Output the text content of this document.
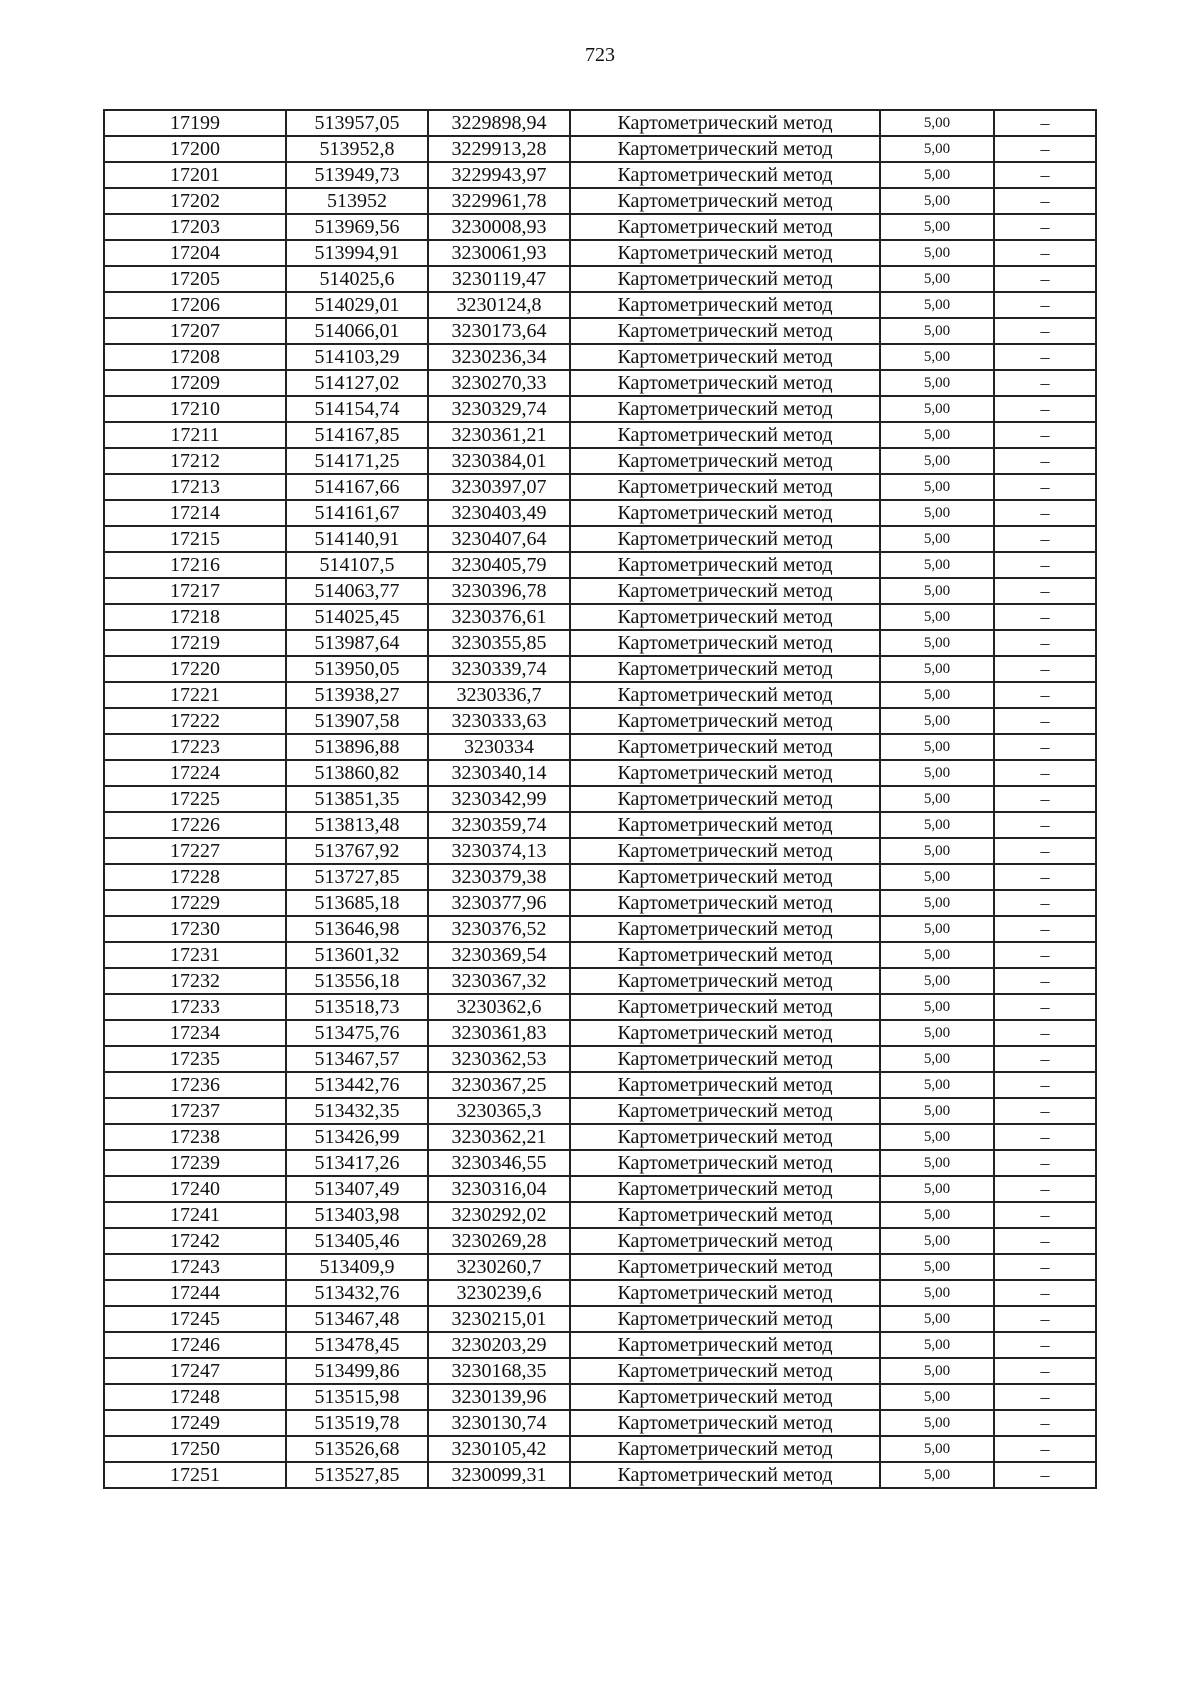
723
17199	513957,05	3229898,94	Картометрический метод	5,00	–
17200	513952,8	3229913,28	Картометрический метод	5,00	–
17201	513949,73	3229943,97	Картометрический метод	5,00	–
17202	513952	3229961,78	Картометрический метод	5,00	–
17203	513969,56	3230008,93	Картометрический метод	5,00	–
17204	513994,91	3230061,93	Картометрический метод	5,00	–
17205	514025,6	3230119,47	Картометрический метод	5,00	–
17206	514029,01	3230124,8	Картометрический метод	5,00	–
17207	514066,01	3230173,64	Картометрический метод	5,00	–
17208	514103,29	3230236,34	Картометрический метод	5,00	–
17209	514127,02	3230270,33	Картометрический метод	5,00	–
17210	514154,74	3230329,74	Картометрический метод	5,00	–
17211	514167,85	3230361,21	Картометрический метод	5,00	–
17212	514171,25	3230384,01	Картометрический метод	5,00	–
17213	514167,66	3230397,07	Картометрический метод	5,00	–
17214	514161,67	3230403,49	Картометрический метод	5,00	–
17215	514140,91	3230407,64	Картометрический метод	5,00	–
17216	514107,5	3230405,79	Картометрический метод	5,00	–
17217	514063,77	3230396,78	Картометрический метод	5,00	–
17218	514025,45	3230376,61	Картометрический метод	5,00	–
17219	513987,64	3230355,85	Картометрический метод	5,00	–
17220	513950,05	3230339,74	Картометрический метод	5,00	–
17221	513938,27	3230336,7	Картометрический метод	5,00	–
17222	513907,58	3230333,63	Картометрический метод	5,00	–
17223	513896,88	3230334	Картометрический метод	5,00	–
17224	513860,82	3230340,14	Картометрический метод	5,00	–
17225	513851,35	3230342,99	Картометрический метод	5,00	–
17226	513813,48	3230359,74	Картометрический метод	5,00	–
17227	513767,92	3230374,13	Картометрический метод	5,00	–
17228	513727,85	3230379,38	Картометрический метод	5,00	–
17229	513685,18	3230377,96	Картометрический метод	5,00	–
17230	513646,98	3230376,52	Картометрический метод	5,00	–
17231	513601,32	3230369,54	Картометрический метод	5,00	–
17232	513556,18	3230367,32	Картометрический метод	5,00	–
17233	513518,73	3230362,6	Картометрический метод	5,00	–
17234	513475,76	3230361,83	Картометрический метод	5,00	–
17235	513467,57	3230362,53	Картометрический метод	5,00	–
17236	513442,76	3230367,25	Картометрический метод	5,00	–
17237	513432,35	3230365,3	Картометрический метод	5,00	–
17238	513426,99	3230362,21	Картометрический метод	5,00	–
17239	513417,26	3230346,55	Картометрический метод	5,00	–
17240	513407,49	3230316,04	Картометрический метод	5,00	–
17241	513403,98	3230292,02	Картометрический метод	5,00	–
17242	513405,46	3230269,28	Картометрический метод	5,00	–
17243	513409,9	3230260,7	Картометрический метод	5,00	–
17244	513432,76	3230239,6	Картометрический метод	5,00	–
17245	513467,48	3230215,01	Картометрический метод	5,00	–
17246	513478,45	3230203,29	Картометрический метод	5,00	–
17247	513499,86	3230168,35	Картометрический метод	5,00	–
17248	513515,98	3230139,96	Картометрический метод	5,00	–
17249	513519,78	3230130,74	Картометрический метод	5,00	–
17250	513526,68	3230105,42	Картометрический метод	5,00	–
17251	513527,85	3230099,31	Картометрический метод	5,00	–
